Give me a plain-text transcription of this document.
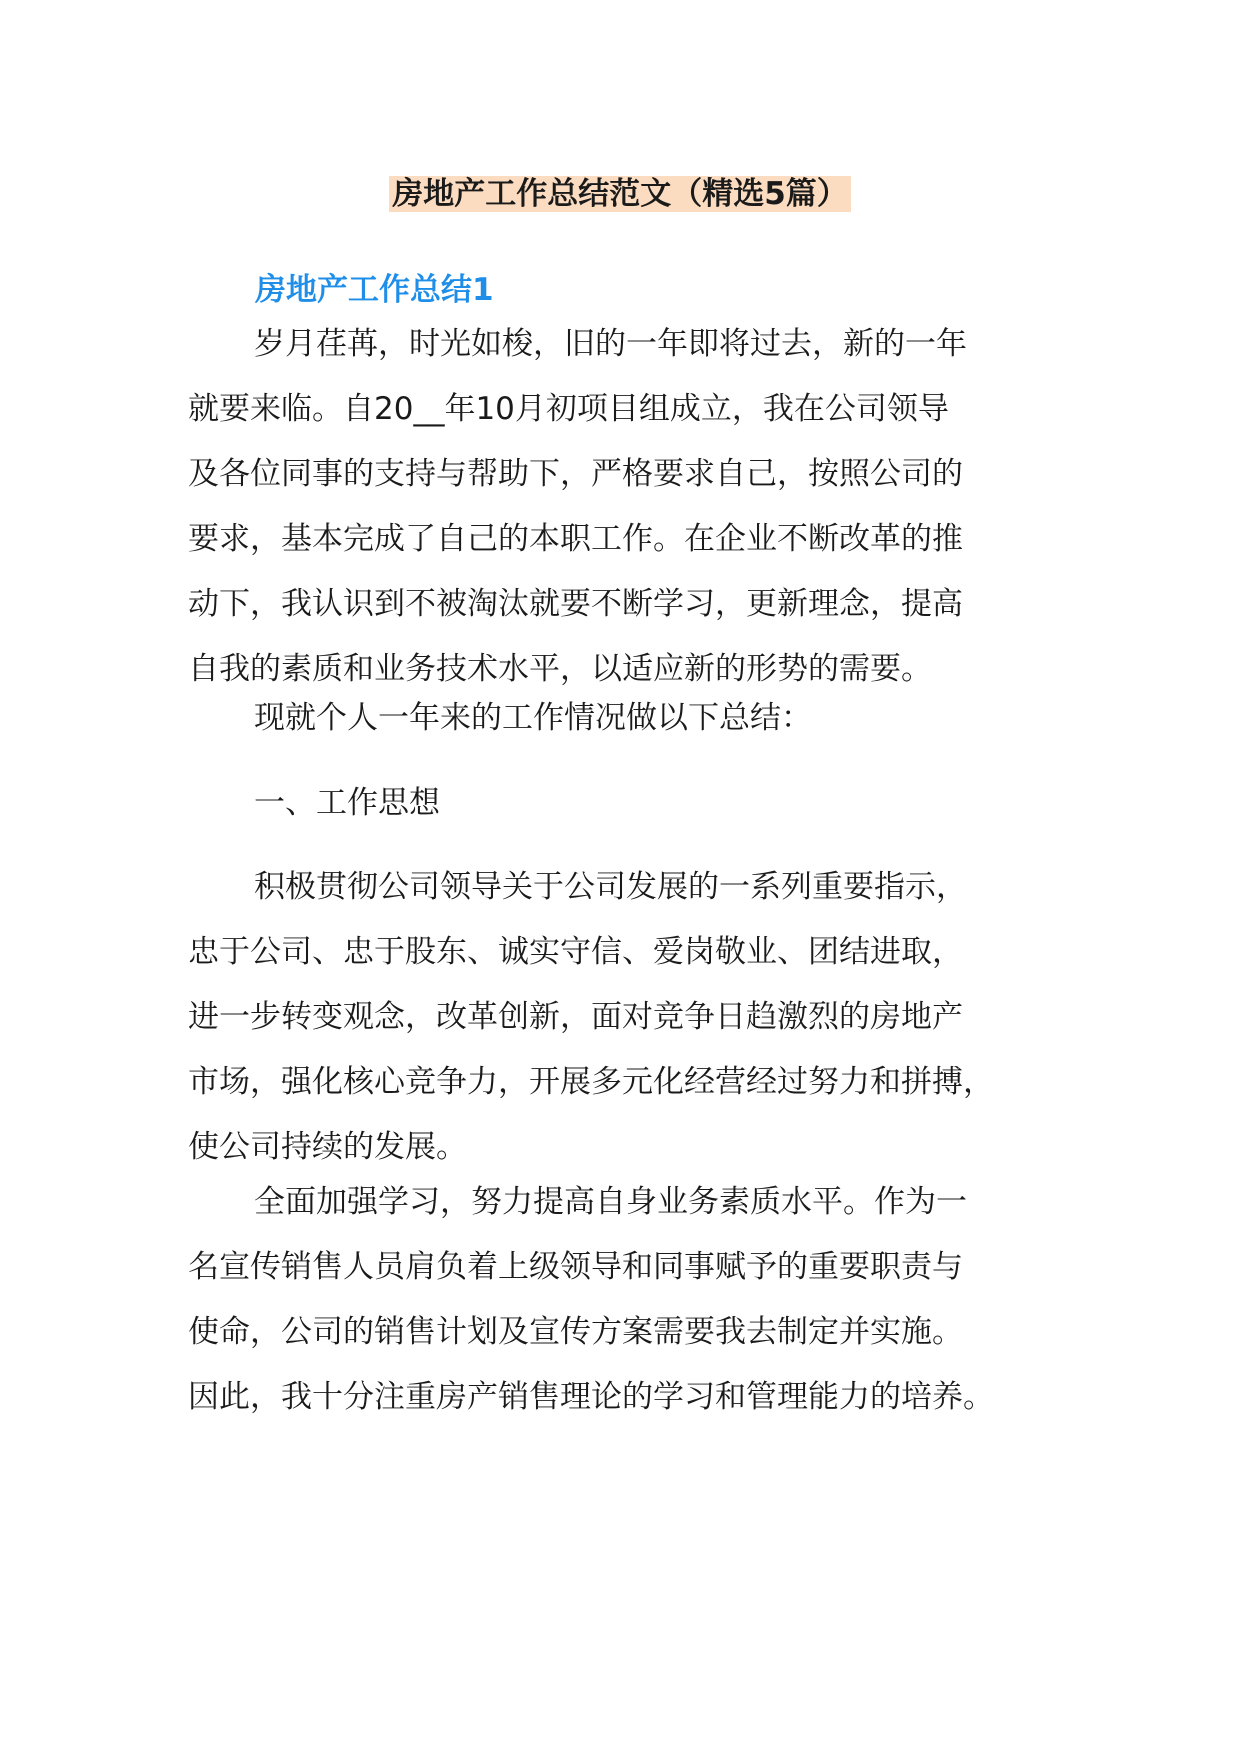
房地产工作总结范文（精选5篇）
房地产工作总结1

岁月荏苒，时光如梭，旧的一年即将过去，新的一年
就要来临。自20__年10月初项目组成立，我在公司领导
及各位同事的支持与帮助下，严格要求自己，按照公司的
要求，基本完成了自己的本职工作。在企业不断改革的推
动下，我认识到不被淘汰就要不断学习，更新理念，提高
自我的素质和业务技术水平，以适应新的形势的需要。

现就个人一年来的工作情况做以下总结：

一、工作思想

积极贯彻公司领导关于公司发展的一系列重要指示，
忠于公司、忠于股东、诚实守信、爱岗敬业、团结进取，
进一步转变观念，改革创新，面对竞争日趋激烈的房地产
市场，强化核心竞争力，开展多元化经营经过努力和拼搏，
使公司持续的发展。

全面加强学习，努力提高自身业务素质水平。作为一
名宣传销售人员肩负着上级领导和同事赋予的重要职责与
使命，公司的销售计划及宣传方案需要我去制定并实施。
因此，我十分注重房产销售理论的学习和管理能力的培养。
